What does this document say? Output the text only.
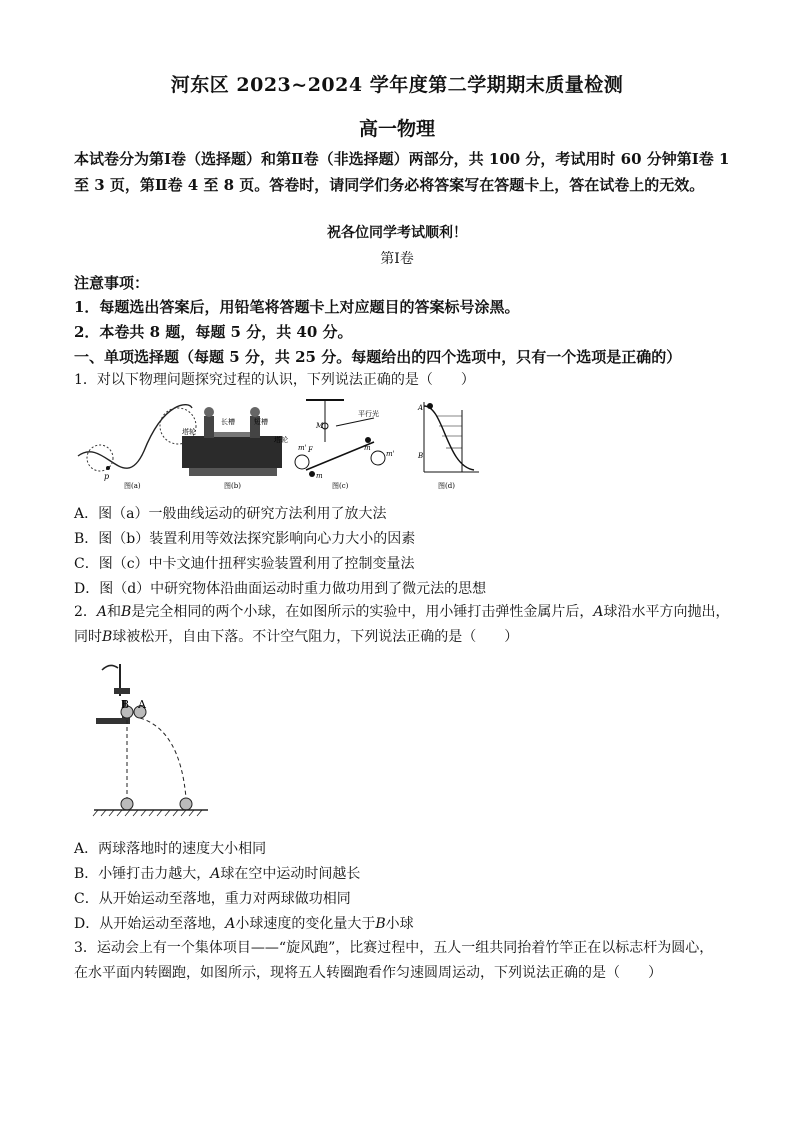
河东区 2023~2024 学年度第二学期期末质量检测
高一物理
本试卷分为第Ⅰ卷（选择题）和第Ⅱ卷（非选择题）两部分，共 100 分，考试用时 60 分钟第Ⅰ卷 1 至 3 页，第Ⅱ卷 4 至 8 页。答卷时，请同学们务必将答案写在答题卡上，答在试卷上的无效。
祝各位同学考试顺利！
第Ⅰ卷
注意事项：
1．每题选出答案后，用铅笔将答题卡上对应题目的答案标号涂黑。
2．本卷共 8 题，每题 5 分，共 40 分。
一、单项选择题（每题 5 分，共 25 分。每题给出的四个选项中，只有一个选项是正确的）
1．对以下物理问题探究过程的认识，下列说法正确的是（　　）
p
图(a)
塔轮
长槽	短槽
塔轮
图(b)
M
平行光
F
m'
m'
m
m
图(c)
A
B
图(d)
A．图（a）一般曲线运动的研究方法利用了放大法
B．图（b）装置利用等效法探究影响向心力大小的因素
C．图（c）中卡文迪什扭秤实验装置利用了控制变量法
D．图（d）中研究物体沿曲面运动时重力做功用到了微元法的思想
2．A和B是完全相同的两个小球，在如图所示的实验中，用小锤打击弹性金属片后，A球沿水平方向抛出，
同时B球被松开，自由下落。不计空气阻力，下列说法正确的是（　　）
B A
A．两球落地时的速度大小相同
B．小锤打击力越大，A球在空中运动时间越长
C．从开始运动至落地，重力对两球做功相同
D．从开始运动至落地，A小球速度的变化量大于B小球
3．运动会上有一个集体项目——“旋风跑”，比赛过程中，五人一组共同抬着竹竿正在以标志杆为圆心，
在水平面内转圈跑，如图所示，现将五人转圈跑看作匀速圆周运动，下列说法正确的是（　　）
